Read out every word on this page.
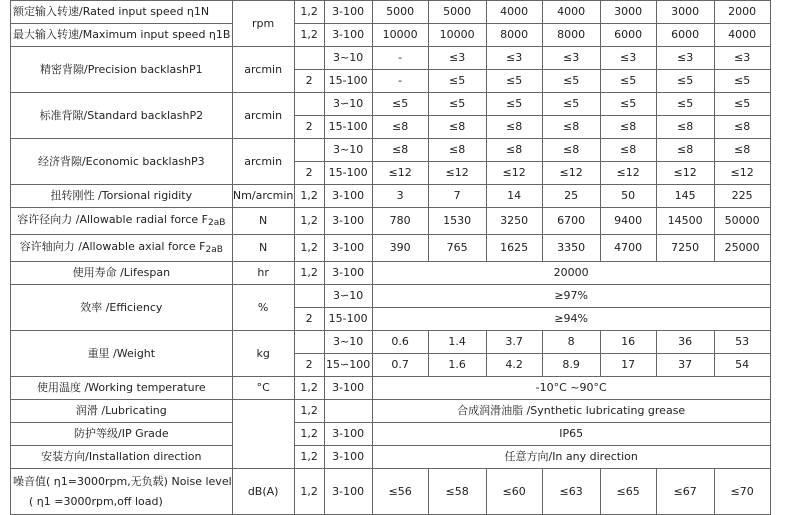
额定输入转速/Rated input speed η1N	rpm	1,2	3-100	5000	5000	4000	4000	3000	3000	2000
最大输入转速/Maximum input speed η1B		1,2	3-100	10000	10000	8000	8000	6000	6000	4000
精密背隙/Precision backlashP1	arcmin		3~10	-	≤3	≤3	≤3	≤3	≤3	≤3
		2	15-100	-	≤5	≤5	≤5	≤5	≤5	≤5
标准背隙/Standard backlashP2	arcmin		3∽10	≤5	≤5	≤5	≤5	≤5	≤5	≤5
		2	15-100	≤8	≤8	≤8	≤8	≤8	≤8	≤8
经济背隙/Economic backlashP3	arcmin		3~10	≤8	≤8	≤8	≤8	≤8	≤8	≤8
		2	15-100	≤12	≤12	≤12	≤12	≤12	≤12	≤12
扭转刚性 /Torsional rigidity	Nm/arcmin	1,2	3-100	3	7	14	25	50	145	225
容许径向力 /Allowable radial force $F_{2aB}$	N	1,2	3-100	780	1530	3250	6700	9400	14500	50000
容许轴向力 /Allowable axial force $F_{2aB}$	N	1,2	3-100	390	765	1625	3350	4700	7250	25000
使用寿命 /Lifespan	hr	1,2	3-100	20000						
效率 /Efficiency	%		3∽10	≥97%						
		2	15-100	≥94%						
重里 /Weight	kg		3~10	0.6	1.4	3.7	8	16	36	53
		2	15∽100	0.7	1.6	4.2	8.9	17	37	54
使用温度 /Working temperature	°C	1,2	3-100	-10°C ~90°C						
润滑 /Lubricating		1,2		合成润滑油脂 /Synthetic lubricating grease						
防护等级/IP Grade		1,2	3-100	IP65						
安装方向/Installation direction		1,2	3-100	任意方向/In any direction						

噪音值( η1=3000rpm,无负载) Noise level
( η1 =3000rpm,off load)	dB(A)	1,2	3-100	≤56	≤58	≤60	≤63	≤65	≤67	≤70
